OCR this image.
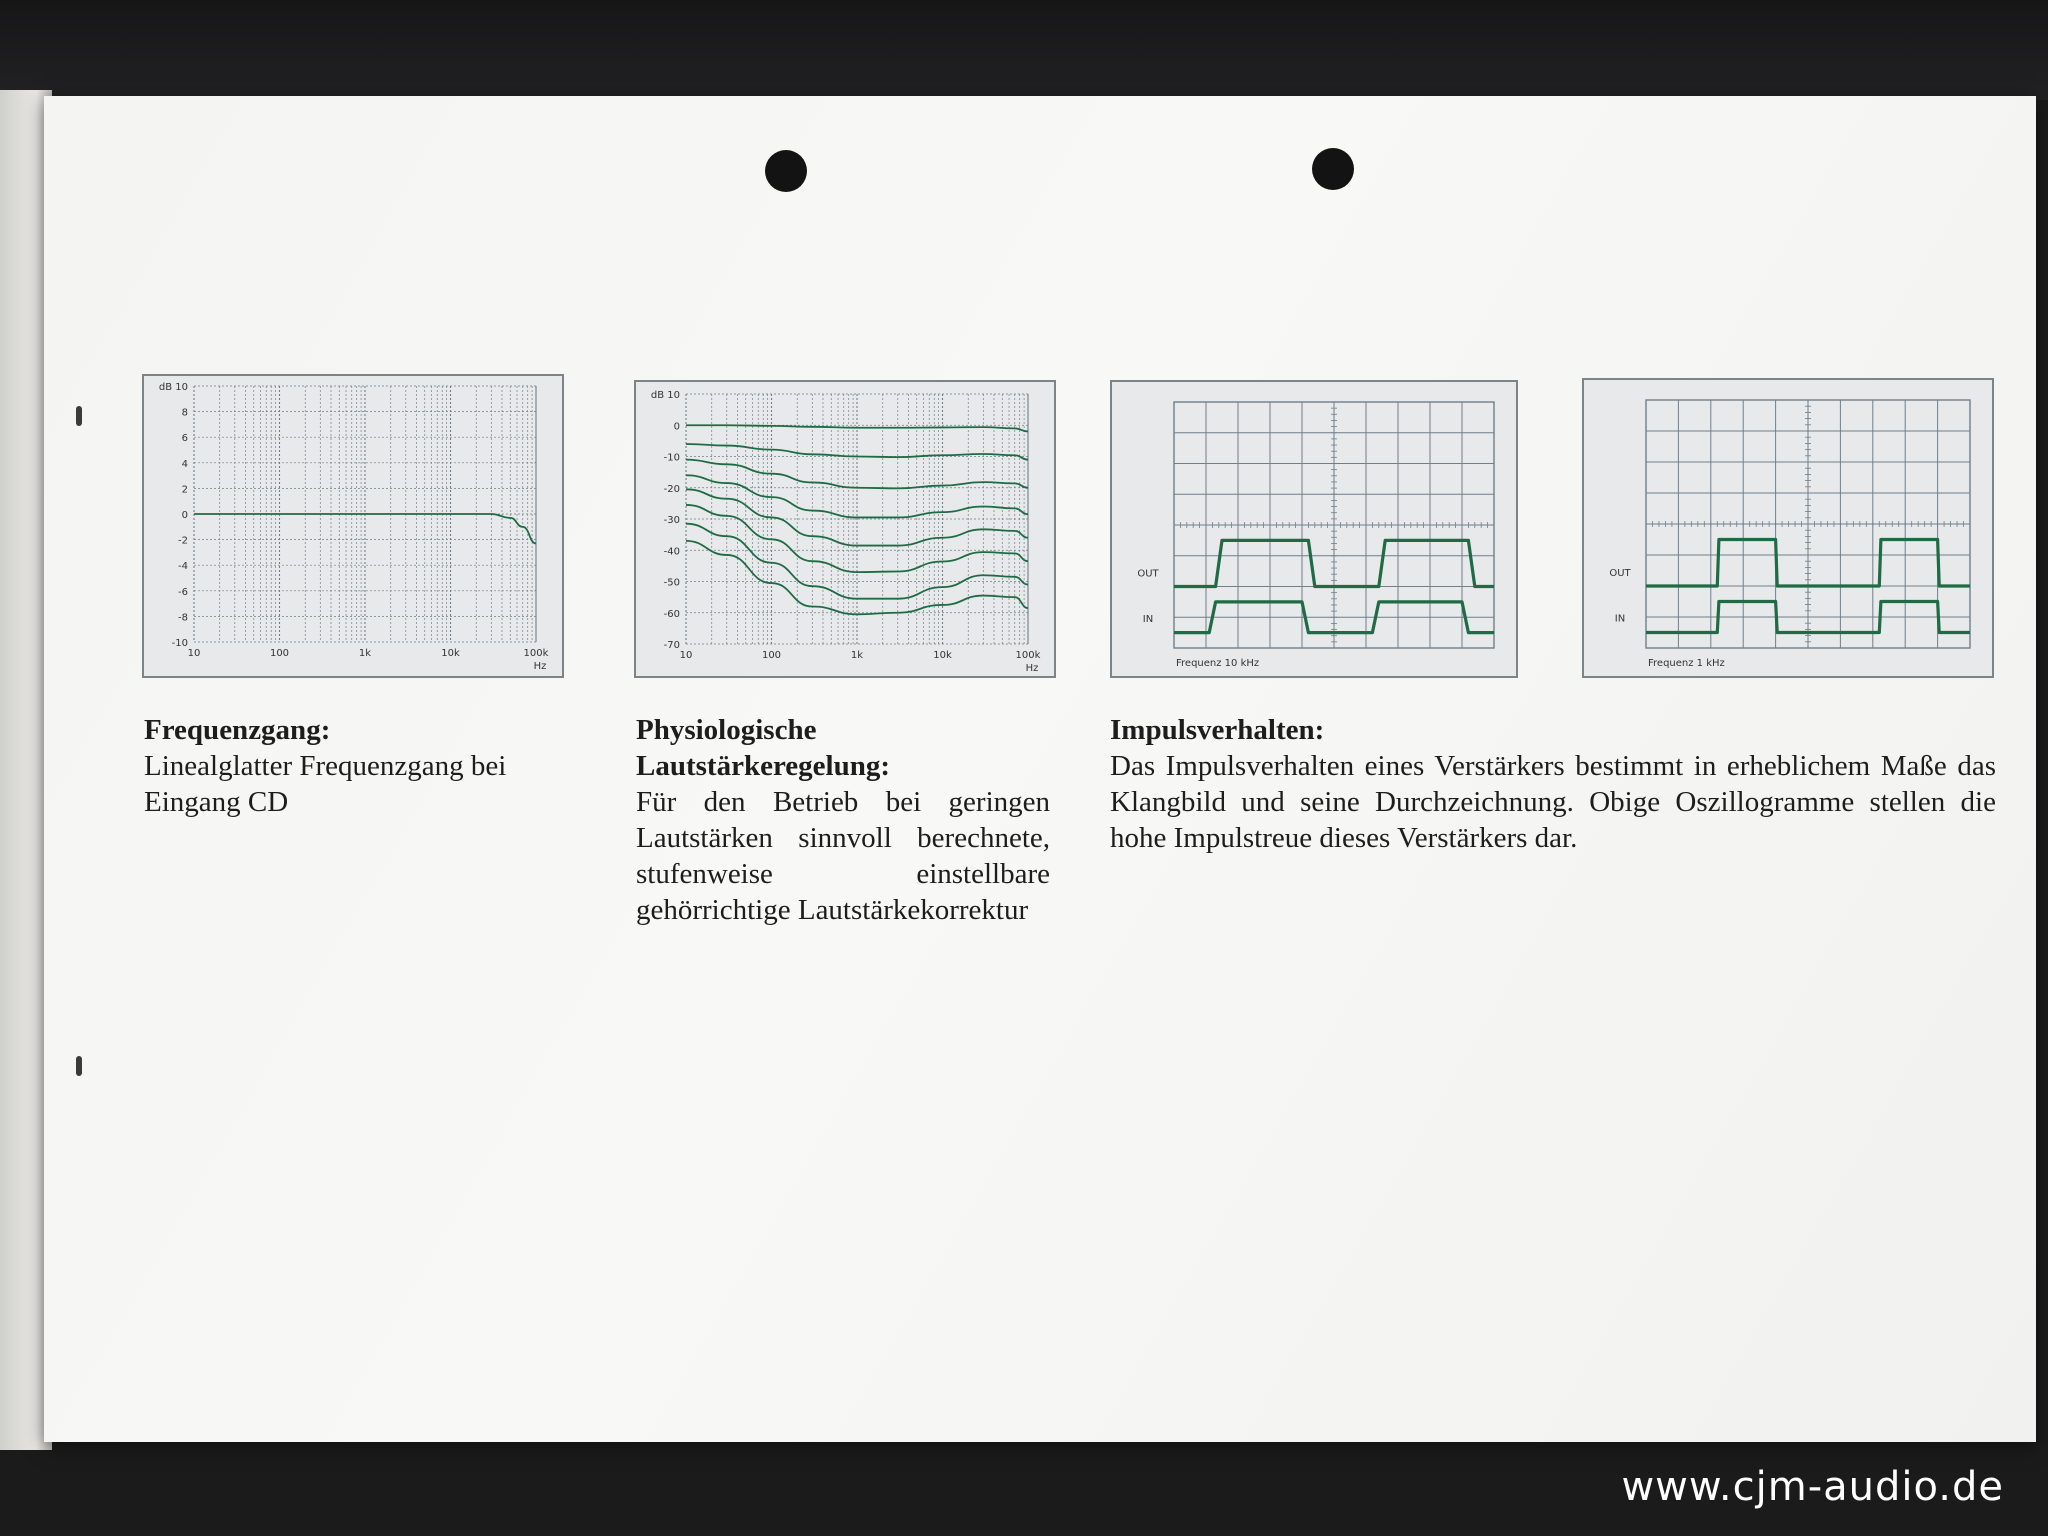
dB 10
8
6
4
2
0
-2
-4
-6
-8
-10
10	100	1k	10k	100k
Hz
dB 10
0
-10
-20
-30
-40
-50
-60
-70
10	100	1k	10k	100k
Hz
IN
OUT
Frequenz 10 kHz
IN
OUT
Frequenz 1 kHz
Frequenzgang:
Linealglatter Frequenzgang bei Eingang CD
Physiologische
Lautstärkeregelung:
Für den Betrieb bei geringen Lautstärken sinnvoll berechnete, stufenweise einstellbare gehörrichtige Lautstärkekorrektur
Impulsverhalten:
Das Impulsverhalten eines Verstärkers bestimmt in erheblichem Maße das Klangbild und seine Durchzeichnung. Obige Oszillogramme stellen die hohe Impulstreue dieses Verstärkers dar.
www.cjm-audio.de
